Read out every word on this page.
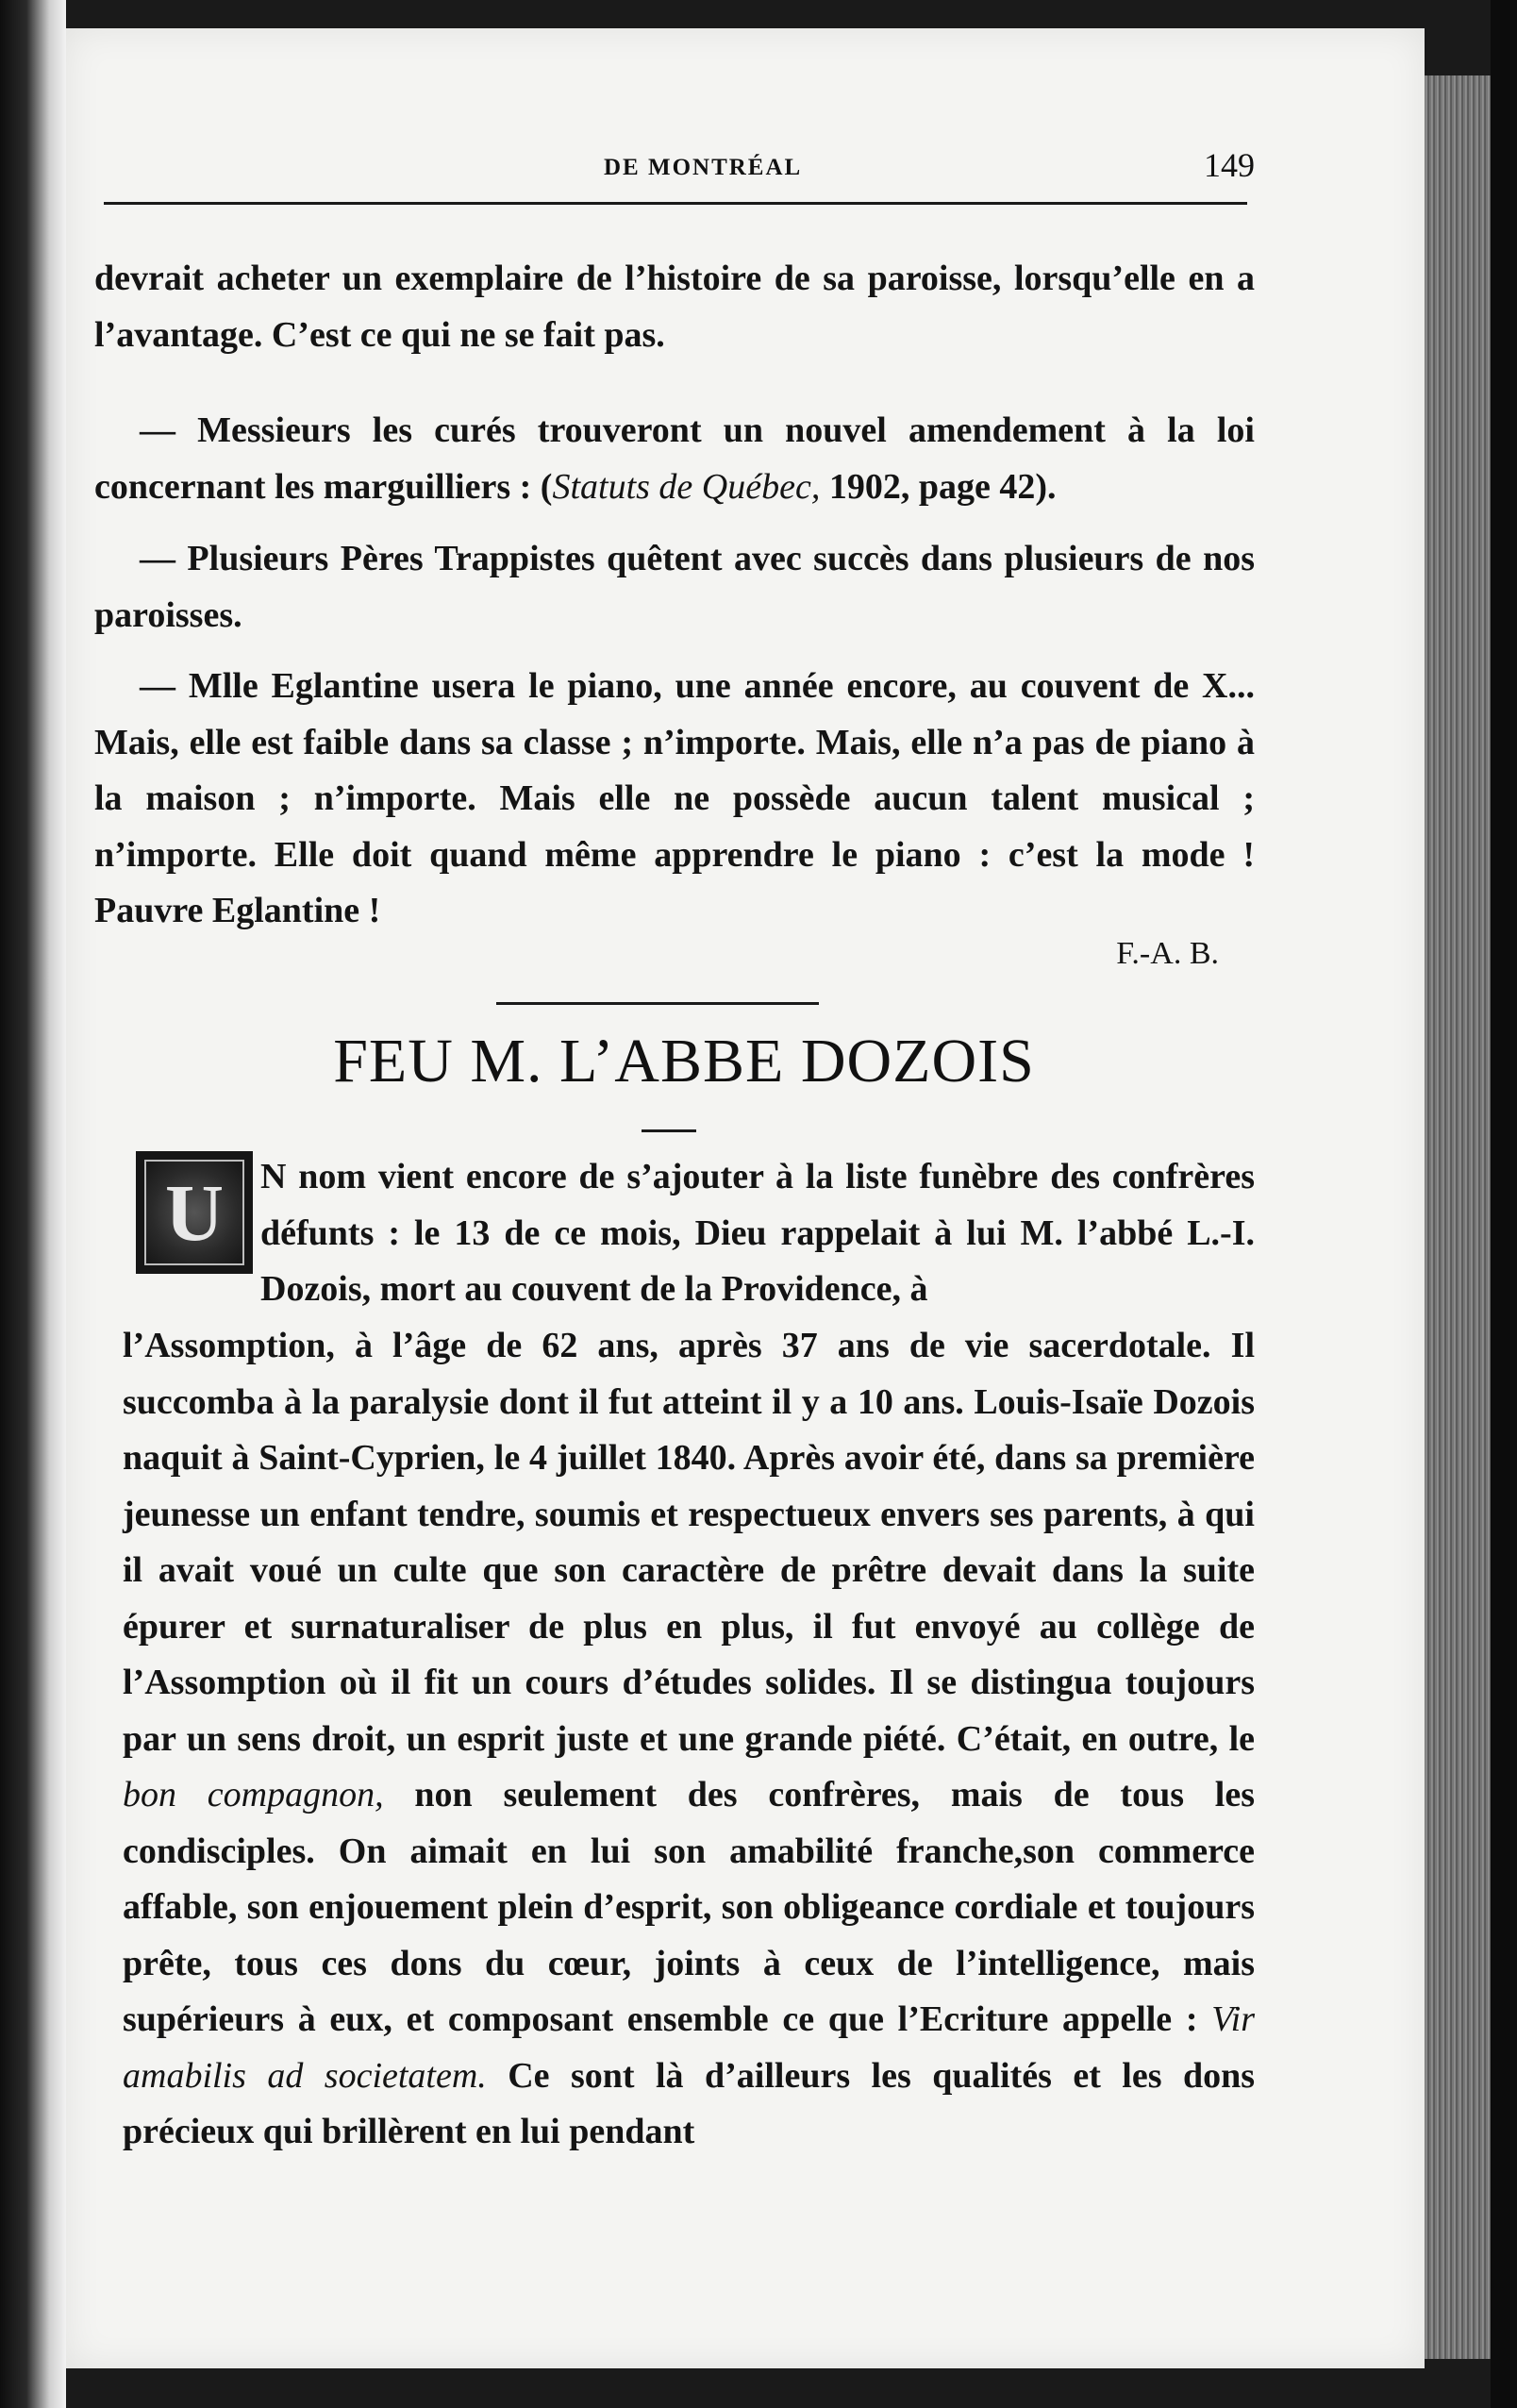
DE MONTRÉAL	149

devrait acheter un exemplaire de l’histoire de sa paroisse, lorsqu’elle en a l’avantage. C’est ce qui ne se fait pas.

— Messieurs les curés trouveront un nouvel amendement à la loi concernant les marguilliers : (Statuts de Québec, 1902, page 42).

— Plusieurs Pères Trappistes quêtent avec succès dans plusieurs de nos paroisses.

— Mlle Eglantine usera le piano, une année encore, au couvent de X... Mais, elle est faible dans sa classe ; n’importe. Mais, elle n’a pas de piano à la maison ; n’importe. Mais elle ne possède aucun talent musical ; n’importe. Elle doit quand même apprendre le piano : c’est la mode ! Pauvre Eglantine !

F.-A. B.
FEU M. L’ABBE DOZOIS
U	N nom vient encore de s’ajouter à la liste funèbre des confrères défunts : le 13 de ce mois, Dieu rappelait à lui M. l’abbé L.-I. Dozois, mort au couvent de la Providence, à

l’Assomption, à l’âge de 62 ans, après 37 ans de vie sacerdotale. Il succomba à la paralysie dont il fut atteint il y a 10 ans. Louis-Isaïe Dozois naquit à Saint-Cyprien, le 4 juillet 1840. Après avoir été, dans sa première jeunesse un enfant tendre, soumis et respectueux envers ses parents, à qui il avait voué un culte que son caractère de prêtre devait dans la suite épurer et surnaturaliser de plus en plus, il fut envoyé au collège de l’Assomption où il fit un cours d’études solides. Il se distingua toujours par un sens droit, un esprit juste et une grande piété. C’était, en outre, le bon compagnon, non seulement des confrères, mais de tous les condisciples. On aimait en lui son amabilité franche,son commerce affable, son enjouement plein d’esprit, son obligeance cordiale et toujours prête, tous ces dons du cœur, joints à ceux de l’intelligence, mais supérieurs à eux, et composant ensemble ce que l’Ecriture appelle : Vir amabilis ad societatem. Ce sont là d’ailleurs les qualités et les dons précieux qui brillèrent en lui pendant
